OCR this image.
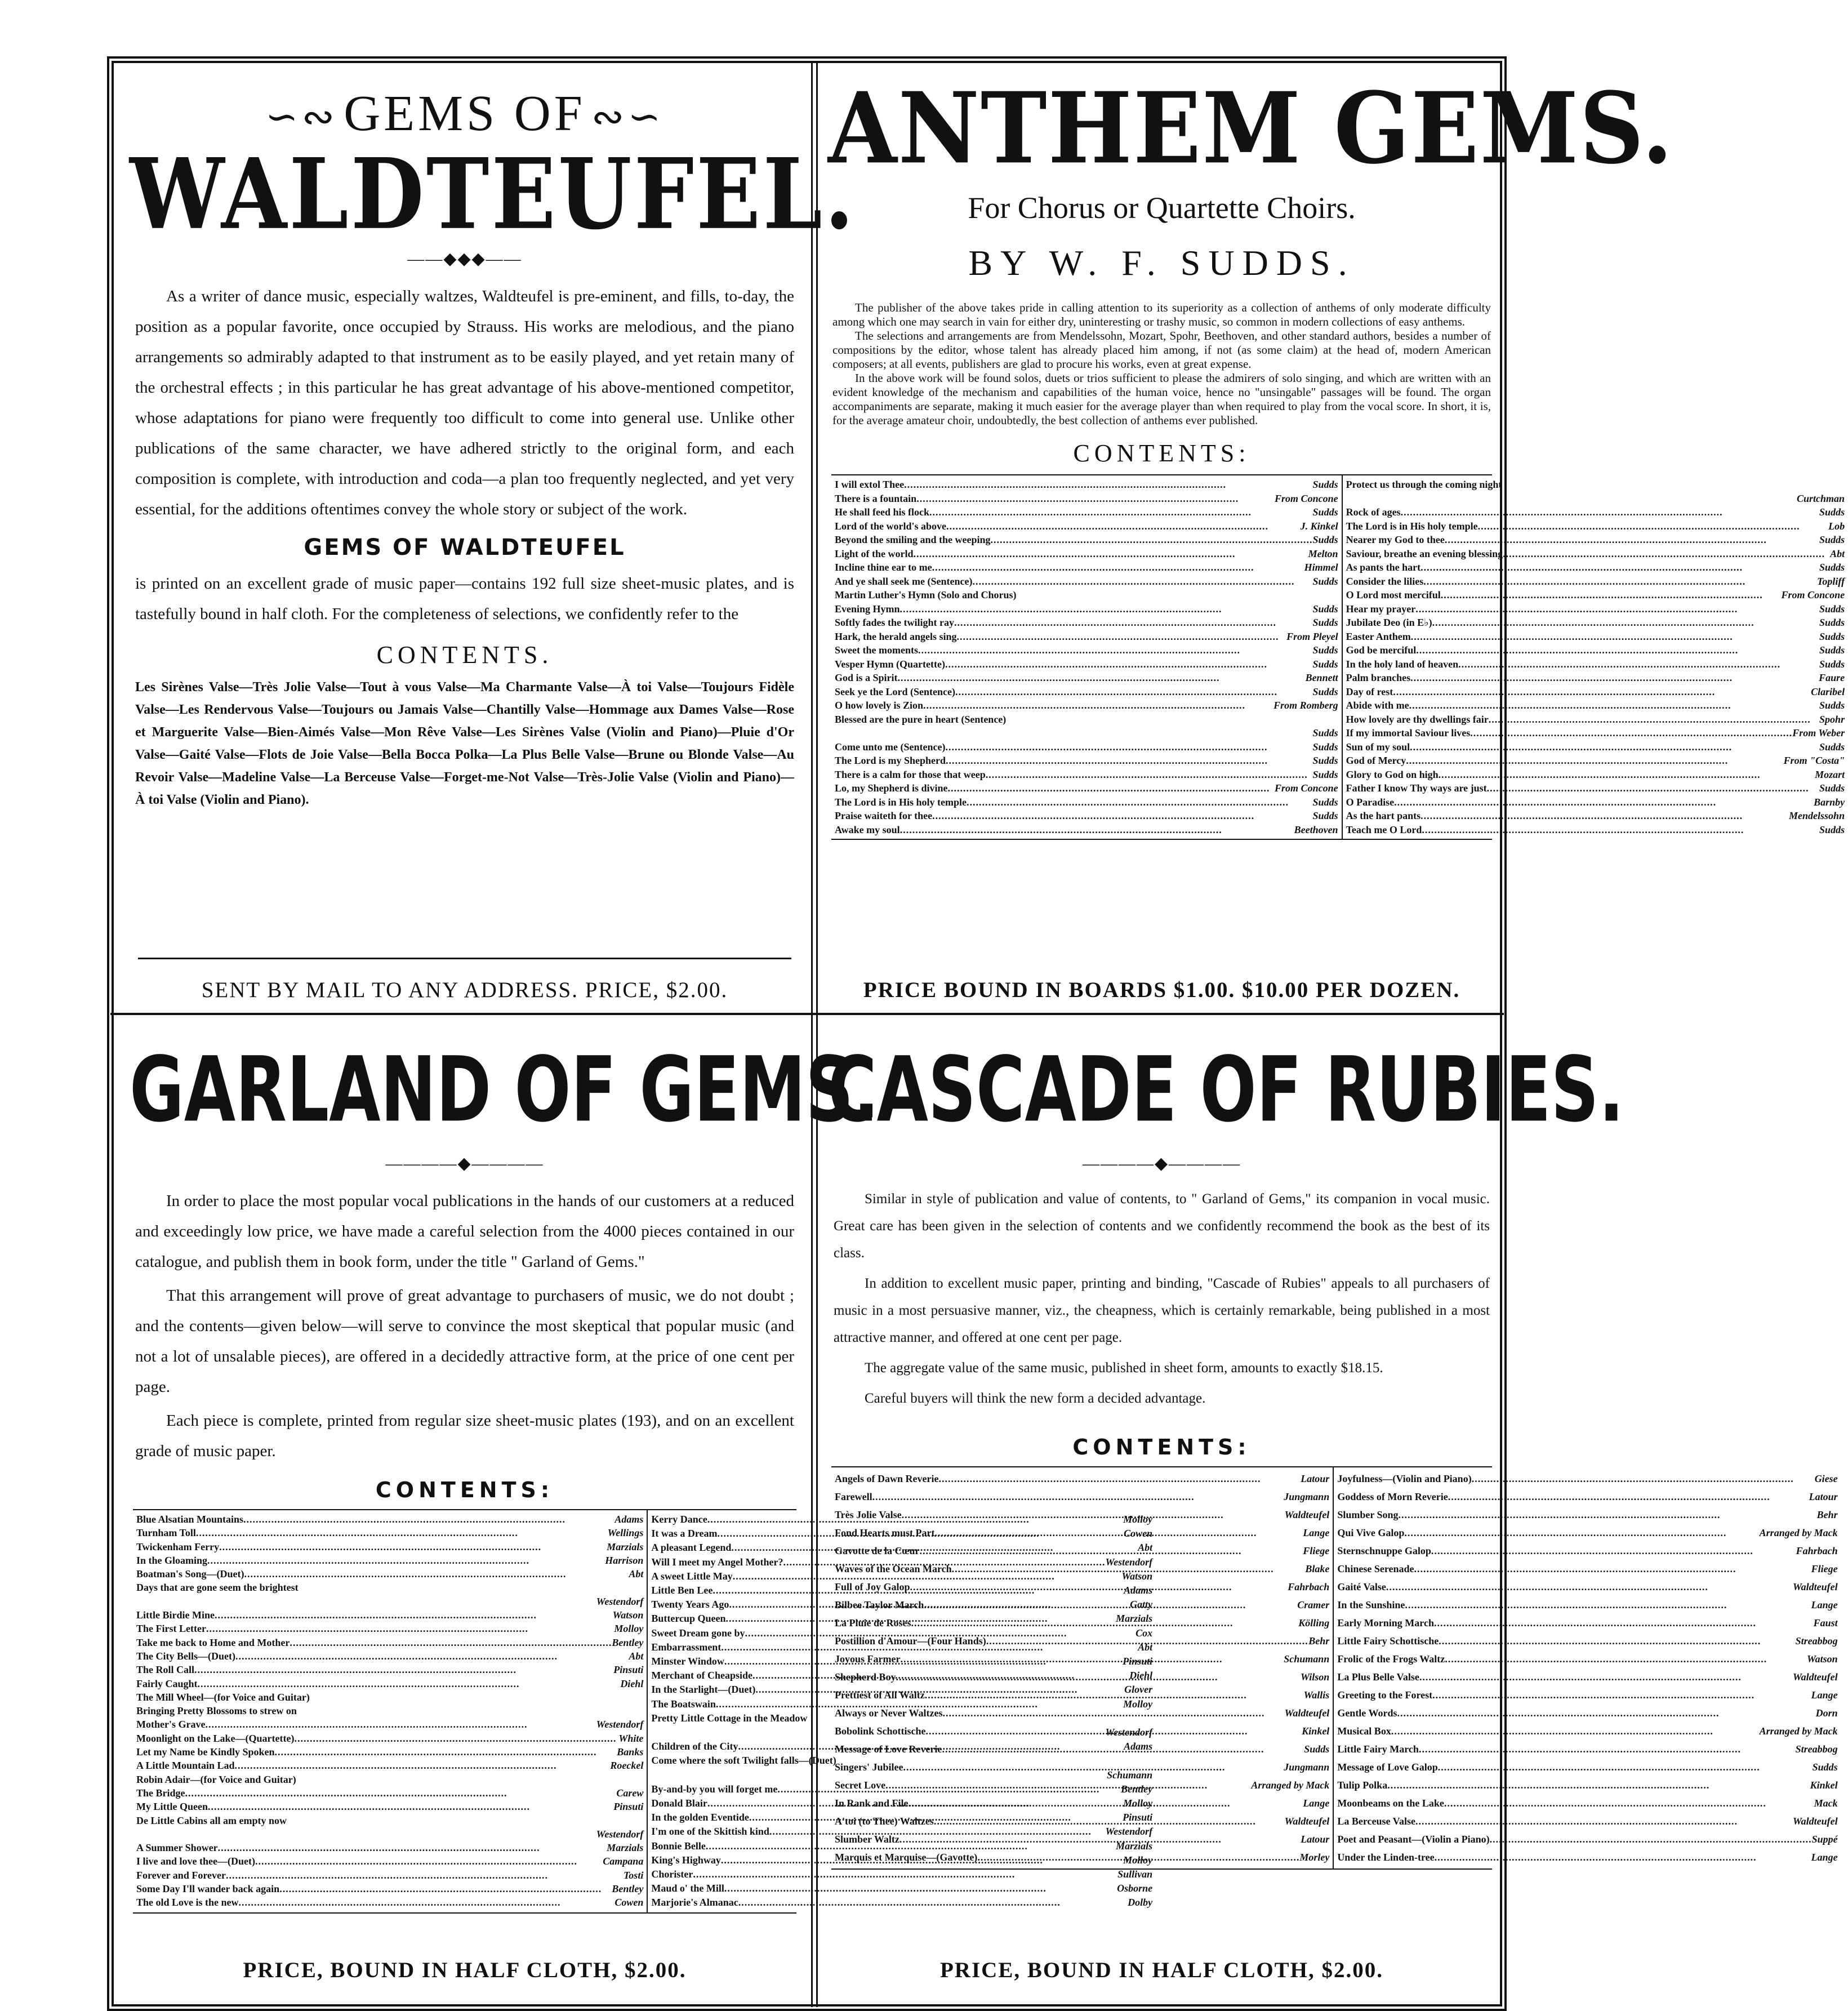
∽∾ GEMS OF ∾∽
WALDTEUFEL.
——◆◆◆——

As a writer of dance music, especially waltzes, Waldteufel is pre-eminent, and fills, to-day, the position as a popular favorite, once occupied by Strauss. His works are melodious, and the piano arrangements so admirably adapted to that instrument as to be easily played, and yet retain many of the orchestral effects ; in this particular he has great advantage of his above-mentioned competitor, whose adaptations for piano were frequently too difficult to come into general use. Unlike other publications of the same character, we have adhered strictly to the original form, and each composition is complete, with introduction and coda—a plan too frequently neglected, and yet very essential, for the additions oftentimes convey the whole story or subject of the work.

GEMS OF WALDTEUFEL

is printed on an excellent grade of music paper—contains 192 full size sheet-music plates, and is tastefully bound in half cloth. For the completeness of selections, we confidently refer to the

CONTENTS.
Les Sirènes Valse—Très Jolie Valse—Tout à vous Valse—Ma Charmante Valse—À toi Valse—Toujours Fidèle Valse—Les Rendervous Valse—Toujours ou Jamais Valse—Chantilly Valse—Hommage aux Dames Valse—Rose et Marguerite Valse—Bien-Aimés Valse—Mon Rêve Valse—Les Sirènes Valse (Violin and Piano)—Pluie d'Or Valse—Gaité Valse—Flots de Joie Valse—Bella Bocca Polka—La Plus Belle Valse—Brune ou Blonde Valse—Au Revoir Valse—Madeline Valse—La Berceuse Valse—Forget-me-Not Valse—Très-Jolie Valse (Violin and Piano)—À toi Valse (Violin and Piano).
SENT BY MAIL TO ANY ADDRESS. PRICE, $2.00.
ANTHEM GEMS.
For Chorus or Quartette Choirs.
BY W. F. SUDDS.

The publisher of the above takes pride in calling attention to its superiority as a collection of anthems of only moderate difficulty among which one may search in vain for either dry, uninteresting or trashy music, so common in modern collections of easy anthems.

The selections and arrangements are from Mendelssohn, Mozart, Spohr, Beethoven, and other standard authors, besides a number of compositions by the editor, whose talent has already placed him among, if not (as some claim) at the head of, modern American composers; at all events, publishers are glad to procure his works, even at great expense.

In the above work will be found solos, duets or trios sufficient to please the admirers of solo singing, and which are written with an evident knowledge of the mechanism and capabilities of the human voice, hence no "unsingable" passages will be found. The organ accompaniments are separate, making it much easier for the average player than when required to play from the vocal score. In short, it is, for the average amateur choir, undoubtedly, the best collection of anthems ever published.

CONTENTS:
I will extol Thee .....	Sudds
There is a fountain .....	From Concone
He shall feed his flock .....	Sudds
Lord of the world's above .....	J. Kinkel
Beyond the smiling and the weeping .....	Sudds
Light of the world .....	Melton
Incline thine ear to me .....	Himmel
And ye shall seek me (Sentence) .....	Sudds
Martin Luther's Hymn (Solo and Chorus)
Evening Hymn .....	Sudds
Softly fades the twilight ray .....	Sudds
Hark, the herald angels sing .....	From Pleyel
Sweet the moments .....	Sudds
Vesper Hymn (Quartette) .....	Sudds
God is a Spirit .....	Bennett
Seek ye the Lord (Sentence) .....	Sudds
O how lovely is Zion .....	From Romberg
Blessed are the pure in heart (Sentence)
Sudds
Come unto me (Sentence) .....	Sudds
The Lord is my Shepherd .....	Sudds
There is a calm for those that weep .....	Sudds
Lo, my Shepherd is divine .....	From Concone
The Lord is in His holy temple .....	Sudds
Praise waiteth for thee .....	Sudds
Awake my soul .....	Beethoven
Protect us through the coming night
Curtchman
Rock of ages .....	Sudds
The Lord is in His holy temple .....	Lob
Nearer my God to thee .....	Sudds
Saviour, breathe an evening blessing .....	Abt
As pants the hart .....	Sudds
Consider the lilies .....	Topliff
O Lord most merciful .....	From Concone
Hear my prayer .....	Sudds
Jubilate Deo (in E♭) .....	Sudds
Easter Anthem .....	Sudds
God be merciful .....	Sudds
In the holy land of heaven .....	Sudds
Palm branches .....	Faure
Day of rest .....	Claribel
Abide with me .....	Sudds
How lovely are thy dwellings fair .....	Spohr
If my immortal Saviour lives .....	From Weber
Sun of my soul .....	Sudds
God of Mercy .....	From "Costa"
Glory to God on high .....	Mozart
Father I know Thy ways are just .....	Sudds
O Paradise .....	Barnby
As the hart pants .....	Mendelssohn
Teach me O Lord .....	Sudds
PRICE BOUND IN BOARDS $1.00. $10.00 PER DOZEN.
GARLAND OF GEMS.
————◆————

In order to place the most popular vocal publications in the hands of our customers at a reduced and exceedingly low price, we have made a careful selection from the 4000 pieces contained in our catalogue, and publish them in book form, under the title " Garland of Gems."

That this arrangement will prove of great advantage to purchasers of music, we do not doubt ; and the contents—given below—will serve to convince the most skeptical that popular music (and not a lot of unsalable pieces), are offered in a decidedly attractive form, at the price of one cent per page.

Each piece is complete, printed from regular size sheet-music plates (193), and on an excellent grade of music paper.

CONTENTS:
Blue Alsatian Mountains .....	Adams
Turnham Toll .....	Wellings
Twickenham Ferry .....	Marzials
In the Gloaming .....	Harrison
Boatman's Song—(Duet) .....	Abt
Days that are gone seem the brightest
Westendorf
Little Birdie Mine .....	Watson
The First Letter .....	Molloy
Take me back to Home and Mother .....	Bentley
The City Bells—(Duet) .....	Abt
The Roll Call .....	Pinsuti
Fairly Caught .....	Diehl
The Mill Wheel—(for Voice and Guitar)
Bringing Pretty Blossoms to strew on
Mother's Grave .....	Westendorf
Moonlight on the Lake—(Quartette) .....	White
Let my Name be Kindly Spoken .....	Banks
A Little Mountain Lad .....	Roeckel
Robin Adair—(for Voice and Guitar)
The Bridge .....	Carew
My Little Queen .....	Pinsuti
De Little Cabins all am empty now
Westendorf
A Summer Shower .....	Marzials
I live and love thee—(Duet) .....	Campana
Forever and Forever .....	Tosti
Some Day I'll wander back again .....	Bentley
The old Love is the new .....	Cowen
Kerry Dance .....	Molloy
It was a Dream .....	Cowen
A pleasant Legend .....	Abt
Will I meet my Angel Mother? .....	Westendorf
A sweet Little May .....	Watson
Little Ben Lee .....	Adams
Twenty Years Ago .....	Gatty
Buttercup Queen .....	Marzials
Sweet Dream gone by .....	Cox
Embarrassment .....	Abt
Minster Window .....	Pinsuti
Merchant of Cheapside .....	Diehl
In the Starlight—(Duet) .....	Glover
The Boatswain .....	Molloy
Pretty Little Cottage in the Meadow
Westendorf
Children of the City .....	Adams
Come where the soft Twilight falls—(Duet)
Schumann
By-and-by you will forget me .....	Bentley
Donald Blair .....	Molloy
In the golden Eventide .....	Pinsuti
I'm one of the Skittish kind .....	Westendorf
Bonnie Belle .....	Marzials
King's Highway .....	Molloy
Chorister .....	Sullivan
Maud o' the Mill .....	Osborne
Marjorie's Almanac .....	Dolby
PRICE, BOUND IN HALF CLOTH, $2.00.
CASCADE OF RUBIES.
————◆————

Similar in style of publication and value of contents, to " Garland of Gems," its companion in vocal music. Great care has been given in the selection of contents and we confidently recommend the book as the best of its class.

In addition to excellent music paper, printing and binding, "Cascade of Rubies" appeals to all purchasers of music in a most persuasive manner, viz., the cheapness, which is certainly remarkable, being published in a most attractive manner, and offered at one cent per page.

The aggregate value of the same music, published in sheet form, amounts to exactly $18.15.

Careful buyers will think the new form a decided advantage.

CONTENTS:
Angels of Dawn Reverie .....	Latour
Farewell .....	Jungmann
Très Jolie Valse .....	Waldteufel
Fond Hearts must Part .....	Lange
Gavotte de la Cœur .....	Fliege
Waves of the Ocean March .....	Blake
Full of Joy Galop .....	Fahrbach
Bilbee Taylor March .....	Cramer
La Pluie de Roses .....	Kölling
Postillion d'Amour—(Four Hands) .....	Behr
Joyous Farmer .....	Schumann
Shepherd Boy .....	Wilson
Prettiest of All Waltz .....	Wallis
Always or Never Waltzes .....	Waldteufel
Bobolink Schottische .....	Kinkel
Message of Love Reverie .....	Sudds
Singers' Jubilee .....	Jungmann
Secret Love .....	Arranged by Mack
In Rank and File .....	Lange
A'toi (to Thee) Waltzes .....	Waldteufel
Slumber Waltz .....	Latour
Marquis et Marquise—(Gavotte) .....	Morley
Joyfulness—(Violin and Piano) .....	Giese
Goddess of Morn Reverie .....	Latour
Slumber Song .....	Behr
Qui Vive Galop .....	Arranged by Mack
Sternschnuppe Galop .....	Fahrbach
Chinese Serenade .....	Fliege
Gaité Valse .....	Waldteufel
In the Sunshine .....	Lange
Early Morning March .....	Faust
Little Fairy Schottische .....	Streabbog
Frolic of the Frogs Waltz .....	Watson
La Plus Belle Valse .....	Waldteufel
Greeting to the Forest .....	Lange
Gentle Words .....	Dorn
Musical Box .....	Arranged by Mack
Little Fairy March .....	Streabbog
Message of Love Galop .....	Sudds
Tulip Polka .....	Kinkel
Moonbeams on the Lake .....	Mack
La Berceuse Valse .....	Waldteufel
Poet and Peasant—(Violin a Piano) .....	Suppé
Under the Linden-tree .....	Lange
PRICE, BOUND IN HALF CLOTH, $2.00.
